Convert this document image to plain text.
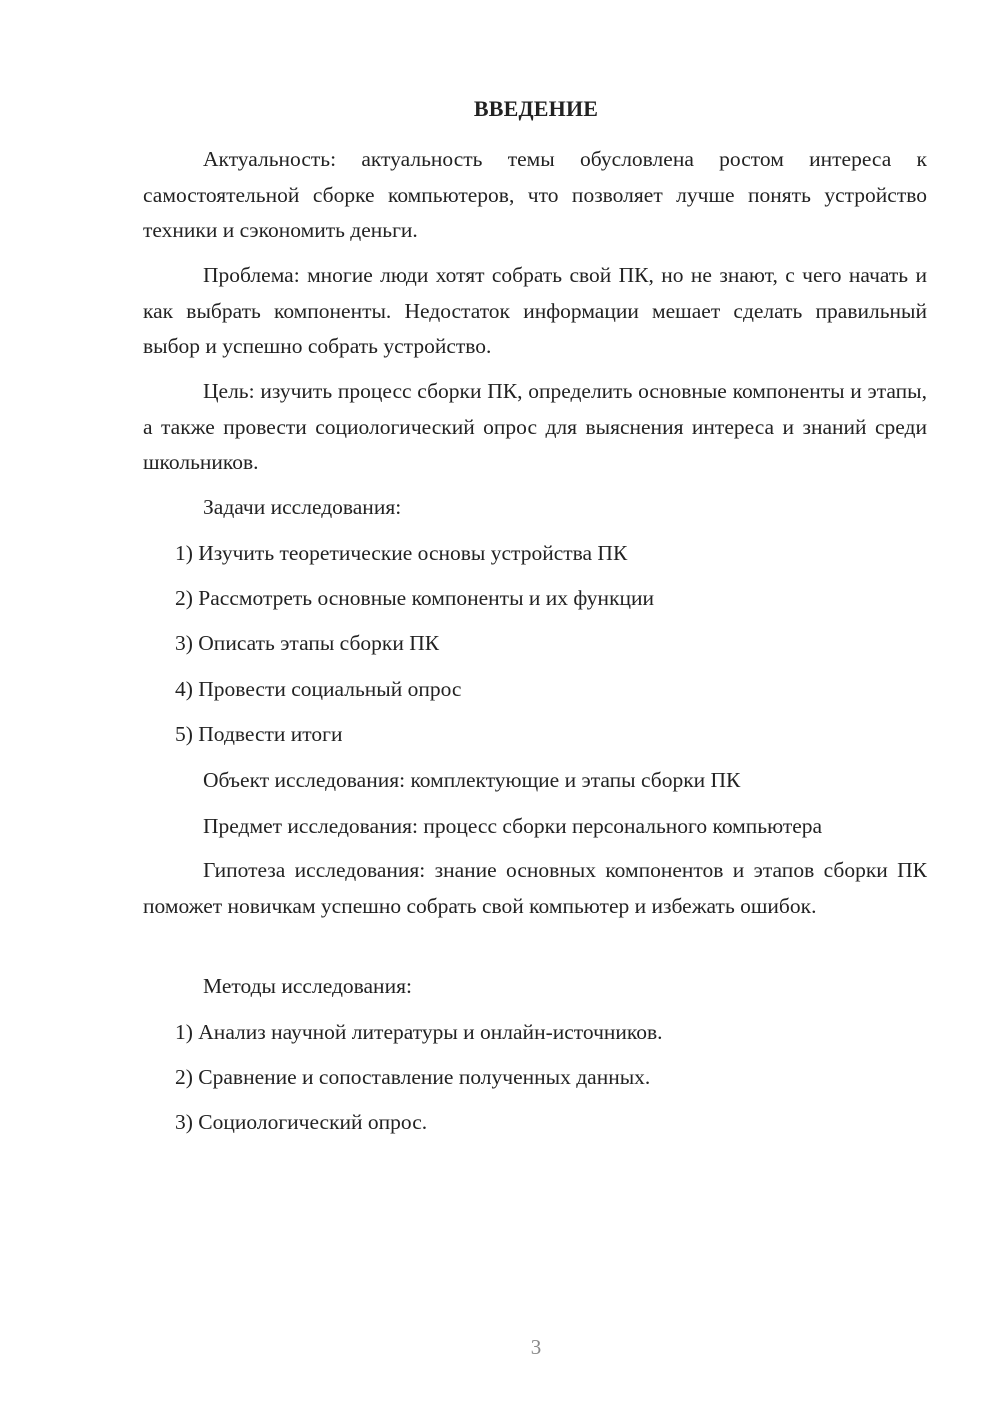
ВВЕДЕНИЕ
Актуальность: актуальность темы обусловлена ростом интереса к самостоятельной сборке компьютеров, что позволяет лучше понять устройство техники и сэкономить деньги.
Проблема: многие люди хотят собрать свой ПК, но не знают, с чего начать и как выбрать компоненты. Недостаток информации мешает сделать правильный выбор и успешно собрать устройство.
Цель: изучить процесс сборки ПК, определить основные компоненты и этапы, а также провести социологический опрос для выяснения интереса и знаний среди школьников.
Задачи исследования:
1) Изучить теоретические основы устройства ПК
2) Рассмотреть основные компоненты и их функции
3) Описать этапы сборки ПК
4) Провести социальный опрос
5) Подвести итоги
Объект исследования: комплектующие и этапы сборки ПК
Предмет исследования: процесс сборки персонального компьютера
Гипотеза исследования: знание основных компонентов и этапов сборки ПК поможет новичкам успешно собрать свой компьютер и избежать ошибок.
Методы исследования:
1) Анализ научной литературы и онлайн-источников.
2) Сравнение и сопоставление полученных данных.
3) Социологический опрос.
3
